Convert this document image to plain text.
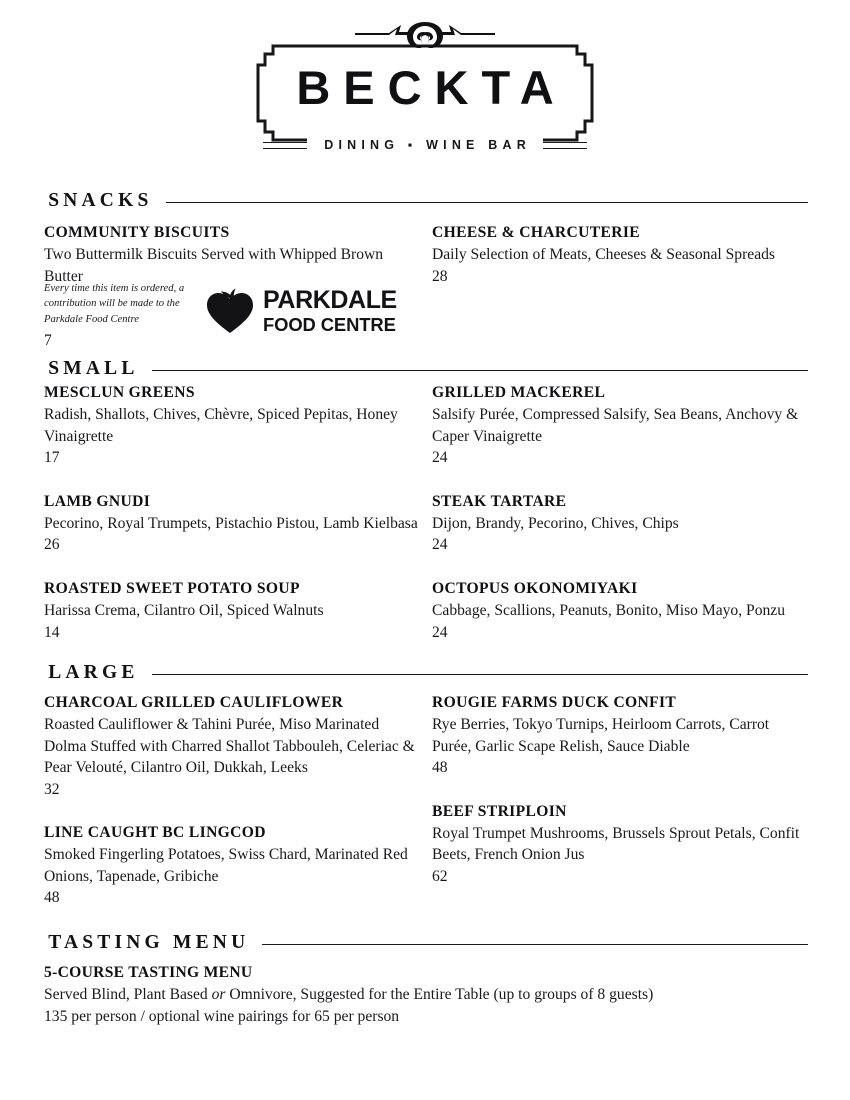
BECKTA
DINING ▪ WINE BAR
SNACKS
COMMUNITY BISCUITS
Two Buttermilk Biscuits Served with Whipped Brown Butter
Every time this item is ordered, a contribution will be made to the Parkdale Food Centre
7
PARKDALE
FOOD CENTRE
CHEESE & CHARCUTERIE
Daily Selection of Meats, Cheeses & Seasonal Spreads
28
SMALL
MESCLUN GREENS
Radish, Shallots, Chives, Chèvre, Spiced Pepitas, Honey Vinaigrette
17
LAMB GNUDI
Pecorino, Royal Trumpets, Pistachio Pistou, Lamb Kielbasa
26
ROASTED SWEET POTATO SOUP
Harissa Crema, Cilantro Oil, Spiced Walnuts
14
GRILLED MACKEREL
Salsify Purée, Compressed Salsify, Sea Beans, Anchovy & Caper Vinaigrette
24
STEAK TARTARE
Dijon, Brandy, Pecorino, Chives, Chips
24
OCTOPUS OKONOMIYAKI
Cabbage, Scallions, Peanuts, Bonito, Miso Mayo, Ponzu
24
LARGE
CHARCOAL GRILLED CAULIFLOWER
Roasted Cauliflower & Tahini Purée, Miso Marinated Dolma Stuffed with Charred Shallot Tabbouleh, Celeriac & Pear Velouté, Cilantro Oil, Dukkah, Leeks
32
LINE CAUGHT BC LINGCOD
Smoked Fingerling Potatoes, Swiss Chard, Marinated Red Onions, Tapenade, Gribiche
48
ROUGIE FARMS DUCK CONFIT
Rye Berries, Tokyo Turnips, Heirloom Carrots, Carrot Purée, Garlic Scape Relish, Sauce Diable
48
BEEF STRIPLOIN
Royal Trumpet Mushrooms, Brussels Sprout Petals, Confit Beets, French Onion Jus
62
TASTING MENU
5-COURSE TASTING MENU
Served Blind, Plant Based or Omnivore, Suggested for the Entire Table (up to groups of 8 guests)
135 per person / optional wine pairings for 65 per person
